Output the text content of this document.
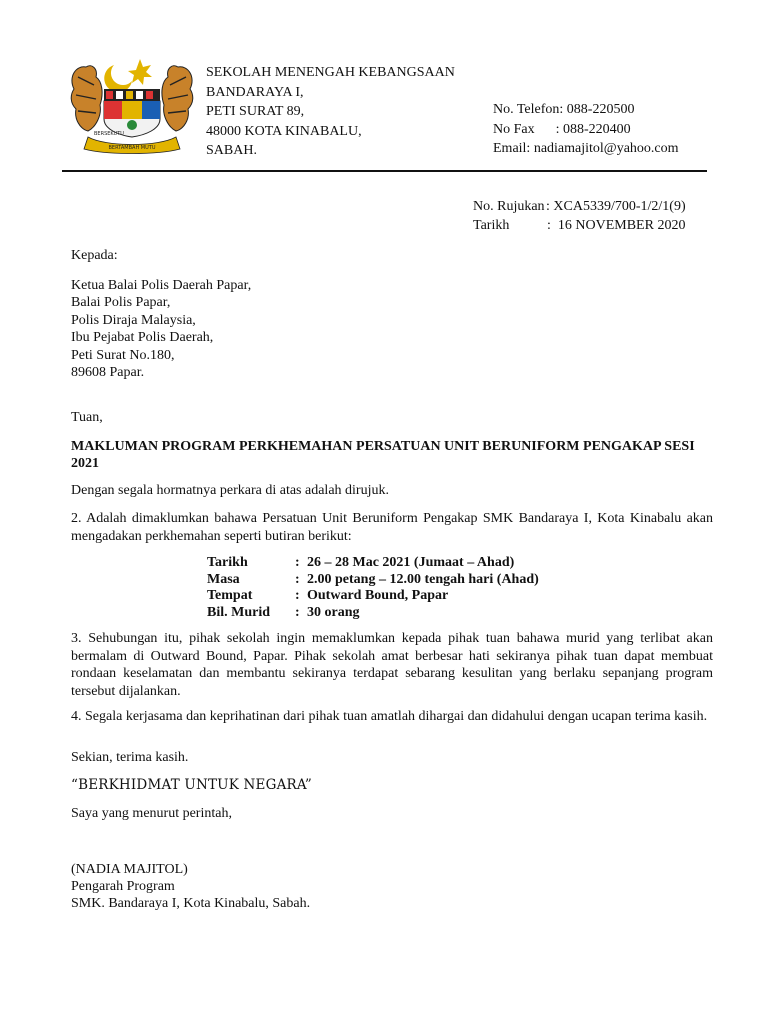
BERSEKUTU
BERTAMBAH MUTU
SEKOLAH MENENGAH KEBANGSAAN
BANDARAYA I,
PETI SURAT 89,
48000 KOTA KINABALU,
SABAH.
No. Telefon: 088-220500
No Fax      : 088-220400
Email: nadiamajitol@yahoo.com
No. Rujukan : XCA5339/700-1/2/1(9)
Tarikh	:  16 NOVEMBER 2020
Kepada:
Ketua Balai Polis Daerah Papar,
Balai Polis Papar,
Polis Diraja Malaysia,
Ibu Pejabat Polis Daerah,
Peti Surat No.180,
89608 Papar.
Tuan,
MAKLUMAN PROGRAM PERKHEMAHAN PERSATUAN UNIT BERUNIFORM PENGAKAP SESI 2021
Dengan segala hormatnya perkara di atas adalah dirujuk.
2. Adalah dimaklumkan bahawa Persatuan Unit Beruniform Pengakap SMK Bandaraya I, Kota Kinabalu akan mengadakan perkhemahan seperti butiran berikut:
Tarikh	: 26 – 28 Mac 2021 (Jumaat – Ahad)
Masa	: 2.00 petang – 12.00 tengah hari (Ahad)
Tempat	: Outward Bound, Papar
Bil. Murid	: 30 orang
3. Sehubungan itu, pihak sekolah ingin memaklumkan kepada pihak tuan bahawa murid yang terlibat akan bermalam di Outward Bound, Papar. Pihak sekolah amat berbesar hati sekiranya pihak tuan dapat membuat rondaan keselamatan dan membantu sekiranya terdapat sebarang kesulitan yang berlaku sepanjang program tersebut dijalankan.
4. Segala kerjasama dan keprihatinan dari pihak tuan amatlah dihargai dan didahului dengan ucapan terima kasih.
Sekian, terima kasih.
“BERKHIDMAT UNTUK NEGARA”
Saya yang menurut perintah,
(NADIA MAJITOL)
Pengarah Program
SMK. Bandaraya I, Kota Kinabalu, Sabah.
